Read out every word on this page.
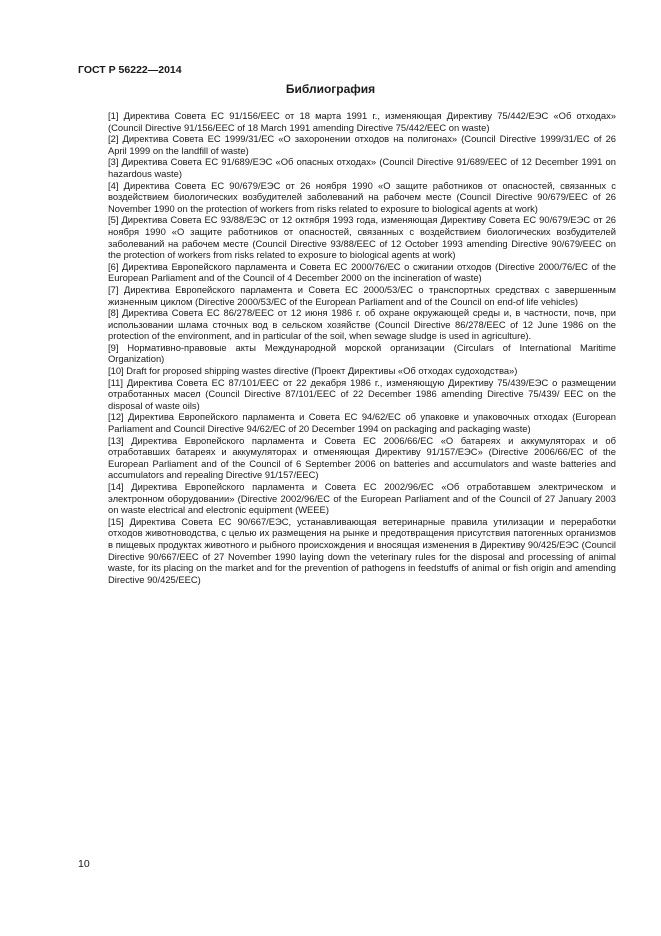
ГОСТ Р 56222—2014
Библиография

[1] Директива Совета ЕС 91/156/ЕЕС от 18 марта 1991 г., изменяющая Директиву 75/442/ЕЭС «Об отходах» (Council Directive 91/156/EEC of 18 March 1991 amending Directive 75/442/EEC on waste)

[2] Директива Совета ЕС 1999/31/ЕС «О захоронении отходов на полигонах» (Council Directive 1999/31/EC of 26 April 1999 on the landfill of waste)

[3] Директива Совета ЕС 91/689/ЕЭС «Об опасных отходах» (Council Directive 91/689/EEC of 12 December 1991 on hazardous waste)

[4] Директива Совета ЕС 90/679/ЕЭС от 26 ноября 1990 «О защите работников от опасностей, связанных с воздействием биологических возбудителей заболеваний на рабочем месте (Council Directive 90/679/EEC of 26 November 1990 on the protection of workers from risks related to exposure to biological agents at work)

[5] Директива Совета ЕС 93/88/ЕЭС от 12 октября 1993 года, изменяющая Директиву Совета ЕС 90/679/ЕЭС от 26 ноября 1990 «О защите работников от опасностей, связанных с воздействием биологических возбудителей заболеваний на рабочем месте (Council Directive 93/88/EEC of 12 October 1993 amending Directive 90/679/EEC on the protection of workers from risks related to exposure to biological agents at work)

[6] Директива Европейского парламента и Совета ЕС 2000/76/ЕС о сжигании отходов (Directive 2000/76/EC of the European Parliament and of the Council of 4 December 2000 on the incineration of waste)

[7] Директива Европейского парламента и Совета ЕС 2000/53/ЕС о транспортных средствах с завершенным жизненным циклом (Directive 2000/53/EC of the European Parliament and of the Council on end-of life vehicles)

[8] Директива Совета ЕС 86/278/ЕЕС от 12 июня 1986 г. об охране окружающей среды и, в частности, почв, при использовании шлама сточных вод в сельском хозяйстве (Council Directive 86/278/EEC of 12 June 1986 on the protection of the environment, and in particular of the soil, when sewage sludge is used in agriculture).

[9] Нормативно-правовые акты Международной морской организации (Circulars of International Maritime Organization)

[10] Draft for proposed shipping wastes directive (Проект Директивы «Об отходах судоходства»)

[11] Директива Совета ЕС 87/101/ЕЕС от 22 декабря 1986 г., изменяющую Директиву 75/439/ЕЭС о размещении отработанных масел (Council Directive 87/101/EEC of 22 December 1986 amending Directive 75/439/ EEC on the disposal of waste oils)

[12] Директива Европейского парламента и Совета ЕС 94/62/ЕС об упаковке и упаковочных отходах (European Parliament and Council Directive 94/62/EC of 20 December 1994 on packaging and packaging waste)

[13] Директива Европейского парламента и Совета ЕС 2006/66/ЕС «О батареях и аккумуляторах и об отработавших батареях и аккумуляторах и отменяющая Директиву 91/157/ЕЭС» (Directive 2006/66/EC of the European Parliament and of the Council of 6 September 2006 on batteries and accumulators and waste batteries and accumulators and repealing Directive 91/157/EEC)

[14] Директива Европейского парламента и Совета ЕС 2002/96/ЕС «Об отработавшем электрическом и электронном оборудовании» (Directive 2002/96/EC of the European Parliament and of the Council of 27 January 2003 on waste electrical and electronic equipment (WEEE)

[15] Директива Совета ЕС 90/667/ЕЭС, устанавливающая ветеринарные правила утилизации и переработки отходов животноводства, с целью их размещения на рынке и предотвращения присутствия патогенных организмов в пищевых продуктах животного и рыбного происхождения и вносящая изменения в Директиву 90/425/ЕЭС (Council Directive 90/667/EEC of 27 November 1990 laying down the veterinary rules for the disposal and processing of animal waste, for its placing on the market and for the prevention of pathogens in feedstuffs of animal or fish origin and amending Directive 90/425/EEC)

10
